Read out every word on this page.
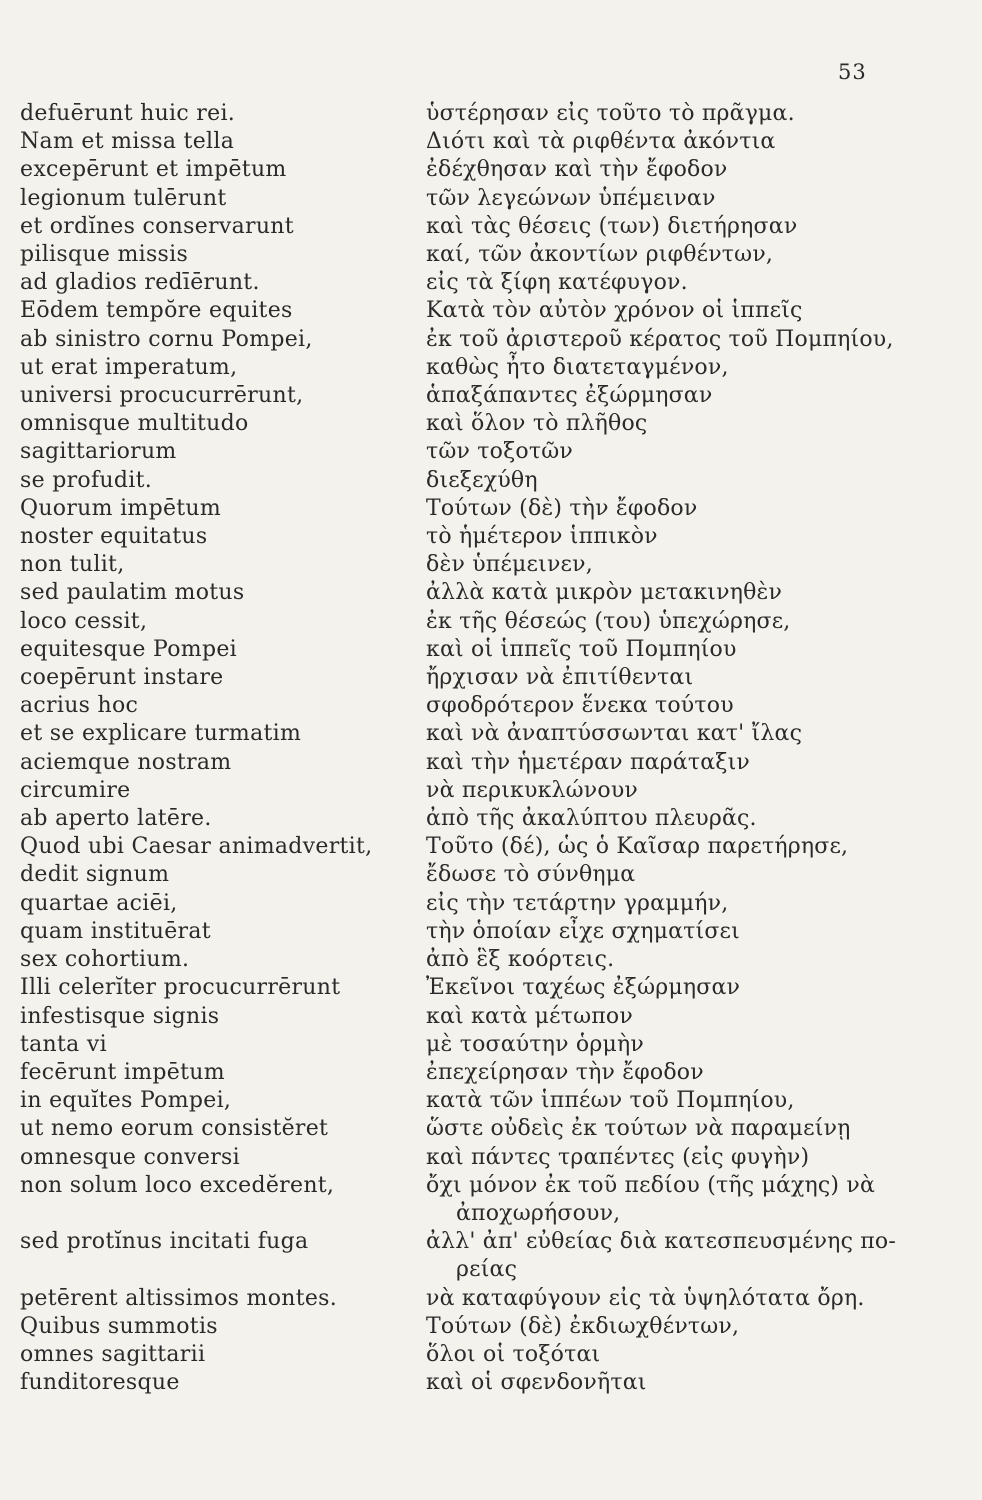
53
defuērunt huic rei.	ὑστέρησαν εἰς τοῦτο τὸ πρᾶγμα.
Nam et missa tella	Διότι καὶ τὰ ριφθέντα ἀκόντια
excepērunt et impētum	ἐδέχθησαν καὶ τὴν ἔφοδον
legionum tulērunt	τῶν λεγεώνων ὑπέμειναν
et ordĭnes conservarunt	καὶ τὰς θέσεις (των) διετήρησαν
pilisque missis	καί, τῶν ἀκοντίων ριφθέντων,
ad gladios redīērunt.	εἰς τὰ ξίφη κατέφυγον.
Eōdem tempŏre equites	Κατὰ τὸν αὐτὸν χρόνον οἱ ἱππεῖς
ab sinistro cornu Pompei,	ἐκ τοῦ ἀριστεροῦ κέρατος τοῦ Πομπηίου,
ut erat imperatum,	καθὼς ἦτο διατεταγμένον,
universi procucurrērunt,	ἁπαξάπαντες ἐξώρμησαν
omnisque multitudo	καὶ ὅλον τὸ πλῆθος
sagittariorum	τῶν τοξοτῶν
se profudit.	διεξεχύθη
Quorum impētum	Τούτων (δὲ) τὴν ἔφοδον
noster equitatus	τὸ ἡμέτερον ἱππικὸν
non tulit,	δὲν ὑπέμεινεν,
sed paulatim motus	ἀλλὰ κατὰ μικρὸν μετακινηθὲν
loco cessit,	ἐκ τῆς θέσεώς (του) ὑπεχώρησε,
equitesque Pompei	καὶ οἱ ἱππεῖς τοῦ Πομπηίου
coepērunt instare	ἤρχισαν νὰ ἐπιτίθενται
acrius hoc	σφοδρότερον ἕνεκα τούτου
et se explicare turmatim	καὶ νὰ ἀναπτύσσωνται κατ' ἴλας
aciemque nostram	καὶ τὴν ἡμετέραν παράταξιν
circumire	νὰ περικυκλώνουν
ab aperto latēre.	ἀπὸ τῆς ἀκαλύπτου πλευρᾶς.
Quod ubi Caesar animadvertit,	Τοῦτο (δέ), ὡς ὁ Καῖσαρ παρετήρησε,
dedit signum	ἔδωσε τὸ σύνθημα
quartae aciēi,	εἰς τὴν τετάρτην γραμμήν,
quam instituērat	τὴν ὁποίαν εἶχε σχηματίσει
sex cohortium.	ἀπὸ ἓξ κοόρτεις.
Illi celerĭter procucurrērunt	Ἐκεῖνοι ταχέως ἐξώρμησαν
infestisque signis	καὶ κατὰ μέτωπον
tanta vi	μὲ τοσαύτην ὁρμὴν
fecērunt impētum	ἐπεχείρησαν τὴν ἔφοδον
in equĭtes Pompei,	κατὰ τῶν ἱππέων τοῦ Πομπηίου,
ut nemo eorum consistĕret	ὥστε οὐδεὶς ἐκ τούτων νὰ παραμείνῃ
omnesque conversi	καὶ πάντες τραπέντες (εἰς φυγὴν)
non solum loco excedĕrent,	ὄχι μόνον ἐκ τοῦ πεδίου (τῆς μάχης) νὰ
ἀποχωρήσουν,
sed protĭnus incitati fuga	ἀλλ' ἀπ' εὐθείας διὰ κατεσπευσμένης πο-
ρείας
petērent altissimos montes.	νὰ καταφύγουν εἰς τὰ ὑψηλότατα ὄρη.
Quibus summotis	Τούτων (δὲ) ἐκδιωχθέντων,
omnes sagittarii	ὅλοι οἱ τοξόται
funditoresque	καὶ οἱ σφενδονῆται
